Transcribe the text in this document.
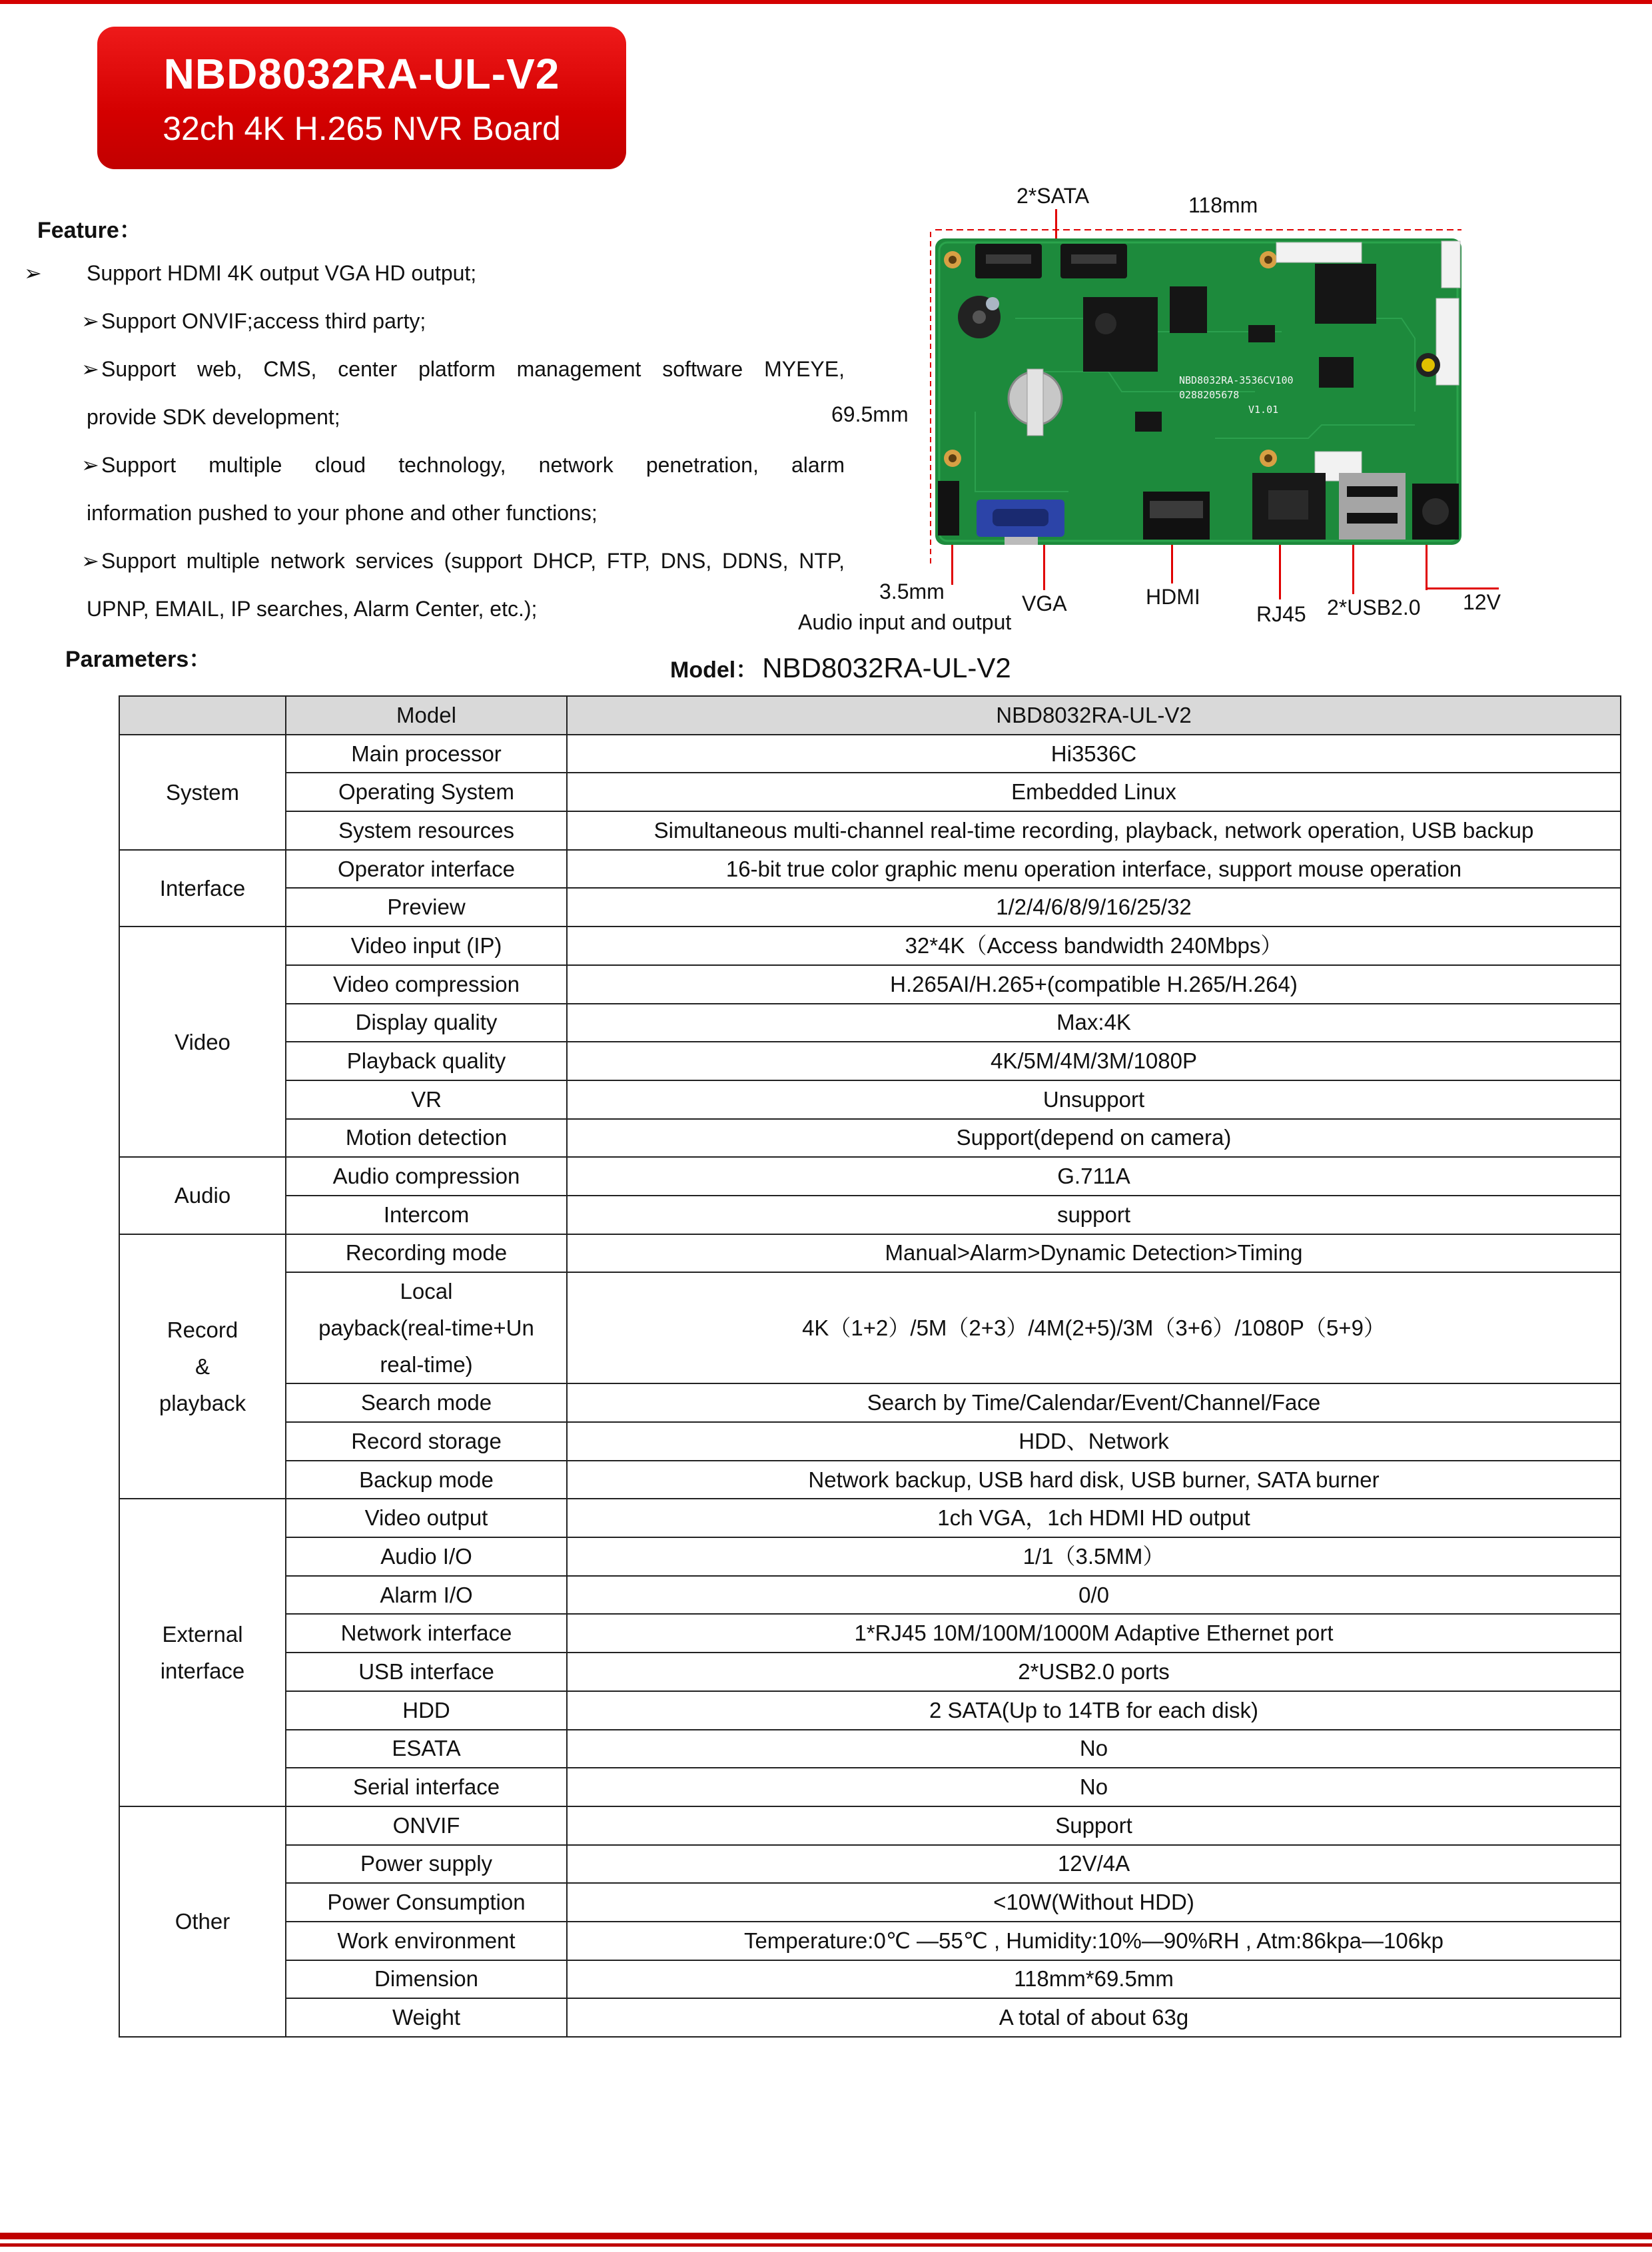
NBD8032RA-UL-V2
32ch 4K H.265 NVR Board
Feature：
➢ Support HDMI 4K output VGA HD output;
➢ Support ONVIF;access third party;
➢ Support web, CMS, center platform management software MYEYE,
provide SDK development;
➢ Support multiple cloud technology, network penetration, alarm
information pushed to your phone and other functions;
➢ Support multiple network services (support DHCP, FTP, DNS, DDNS, NTP,
UPNP, EMAIL, IP searches, Alarm Center, etc.);
2*SATA	118mm
69.5mm
3.5mm
Audio input and output
VGA	HDMI
RJ45 2*USB2.0 12V
NBD8032RA-3536CV100
0288205678
V1.01
Parameters：	Model： NBD8032RA-UL-V2
	Model	NBD8032RA-UL-V2
System	Main processor	Hi3536C
	Operating System	Embedded Linux
	System resources	Simultaneous multi-channel real-time recording, playback, network operation, USB backup
Interface	Operator interface	16-bit true color graphic menu operation interface, support mouse operation
	Preview	1/2/4/6/8/9/16/25/32
Video	Video input (IP)	32*4K（Access bandwidth 240Mbps）
	Video compression	H.265AI/H.265+(compatible H.265/H.264)
	Display quality	Max:4K
	Playback quality	4K/5M/4M/3M/1080P
	VR	Unsupport
	Motion detection	Support(depend on camera)
Audio	Audio compression	G.711A
	Intercom	support
Record
&
playback	Recording mode	Manual>Alarm>Dynamic Detection>Timing
	Local
payback(real-time+Un
real-time)	4K（1+2）/5M（2+3）/4M(2+5)/3M（3+6）/1080P（5+9）
	Search mode	Search by Time/Calendar/Event/Channel/Face
	Record storage	HDD、Network
	Backup mode	Network backup, USB hard disk, USB burner, SATA burner
External
interface	Video output	1ch VGA，1ch HDMI HD output
	Audio I/O	1/1（3.5MM）
	Alarm I/O	0/0
	Network interface	1*RJ45 10M/100M/1000M Adaptive Ethernet port
	USB interface	2*USB2.0 ports
	HDD	2 SATA(Up to 14TB for each disk)
	ESATA	No
	Serial interface	No
Other	ONVIF	Support
	Power supply	12V/4A
	Power Consumption	<10W(Without HDD)
	Work environment	Temperature:0℃ —55℃ , Humidity:10%—90%RH , Atm:86kpa—106kp
	Dimension	118mm*69.5mm
	Weight	A total of about 63g
